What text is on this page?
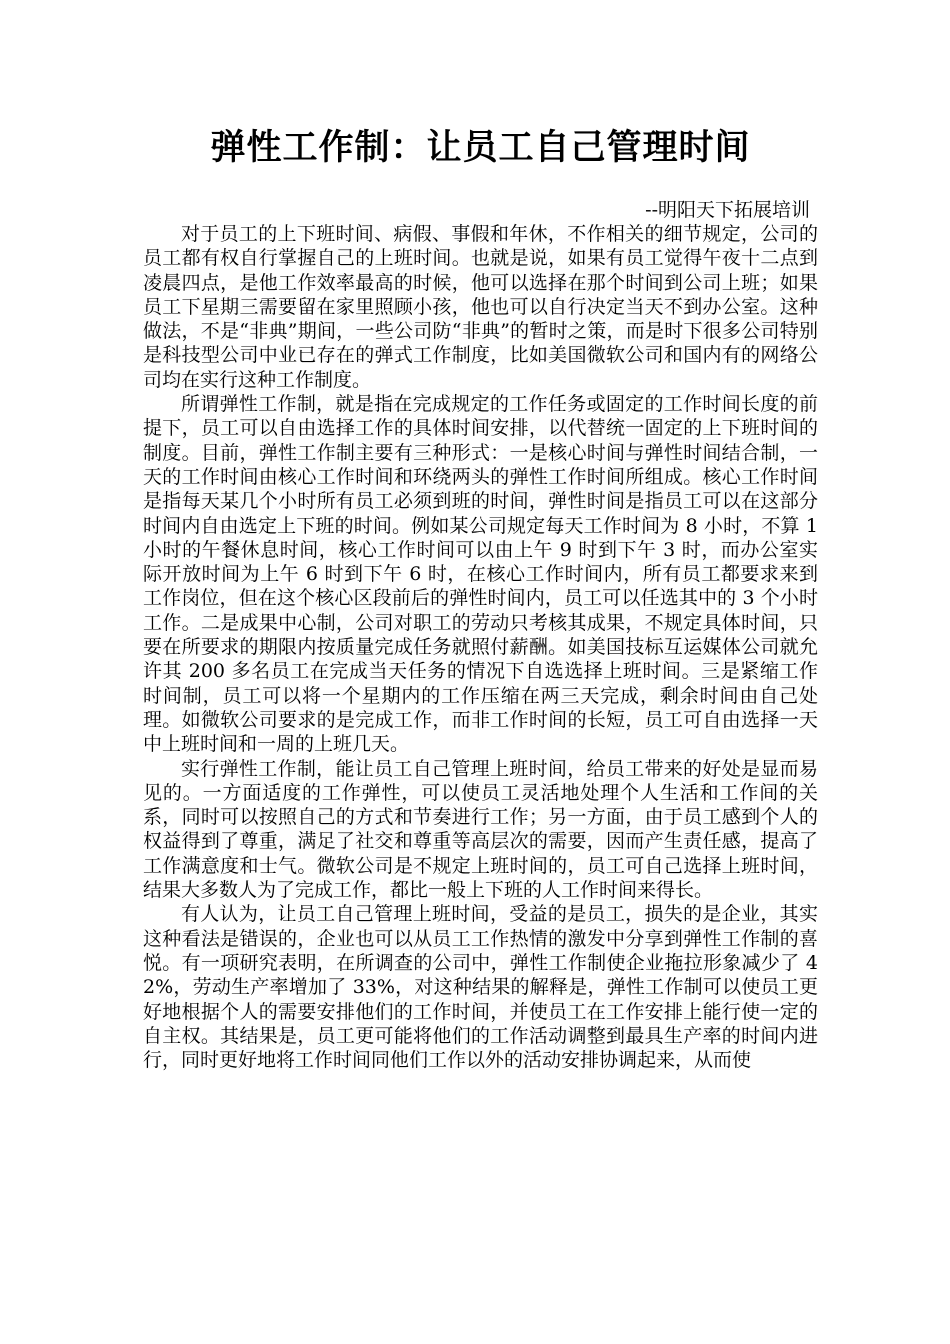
弹性工作制：让员工自己管理时间
--明阳天下拓展培训

对于员工的上下班时间、病假、事假和年休，不作相关的细节规定，公司的员工都有权自行掌握自己的上班时间。也就是说，如果有员工觉得午夜十二点到凌晨四点，是他工作效率最高的时候，他可以选择在那个时间到公司上班；如果员工下星期三需要留在家里照顾小孩，他也可以自行决定当天不到办公室。这种做法，不是“非典”期间，一些公司防“非典”的暂时之策，而是时下很多公司特别是科技型公司中业已存在的弹式工作制度，比如美国微软公司和国内有的网络公司均在实行这种工作制度。

所谓弹性工作制，就是指在完成规定的工作任务或固定的工作时间长度的前提下，员工可以自由选择工作的具体时间安排，以代替统一固定的上下班时间的制度。目前，弹性工作制主要有三种形式：一是核心时间与弹性时间结合制，一天的工作时间由核心工作时间和环绕两头的弹性工作时间所组成。核心工作时间是指每天某几个小时所有员工必须到班的时间，弹性时间是指员工可以在这部分时间内自由选定上下班的时间。例如某公司规定每天工作时间为 8 小时，不算 1 小时的午餐休息时间，核心工作时间可以由上午 9 时到下午 3 时，而办公室实际开放时间为上午 6 时到下午 6 时，在核心工作时间内，所有员工都要求来到工作岗位，但在这个核心区段前后的弹性时间内，员工可以任选其中的 3 个小时工作。二是成果中心制，公司对职工的劳动只考核其成果，不规定具体时间，只要在所要求的期限内按质量完成任务就照付薪酬。如美国技标互运媒体公司就允许其 200 多名员工在完成当天任务的情况下自选选择上班时间。三是紧缩工作时间制，员工可以将一个星期内的工作压缩在两三天完成，剩余时间由自己处理。如微软公司要求的是完成工作，而非工作时间的长短，员工可自由选择一天中上班时间和一周的上班几天。

实行弹性工作制，能让员工自己管理上班时间，给员工带来的好处是显而易见的。一方面适度的工作弹性，可以使员工灵活地处理个人生活和工作间的关系，同时可以按照自己的方式和节奏进行工作；另一方面，由于员工感到个人的权益得到了尊重，满足了社交和尊重等高层次的需要，因而产生责任感，提高了工作满意度和士气。微软公司是不规定上班时间的，员工可自己选择上班时间，结果大多数人为了完成工作，都比一般上下班的人工作时间来得长。

有人认为，让员工自己管理上班时间，受益的是员工，损失的是企业，其实这种看法是错误的，企业也可以从员工工作热情的激发中分享到弹性工作制的喜悦。有一项研究表明，在所调查的公司中，弹性工作制使企业拖拉形象减少了 42%，劳动生产率增加了 33%，对这种结果的解释是，弹性工作制可以使员工更好地根据个人的需要安排他们的工作时间，并使员工在工作安排上能行使一定的自主权。其结果是，员工更可能将他们的工作活动调整到最具生产率的时间内进行，同时更好地将工作时间同他们工作以外的活动安排协调起来，从而使
